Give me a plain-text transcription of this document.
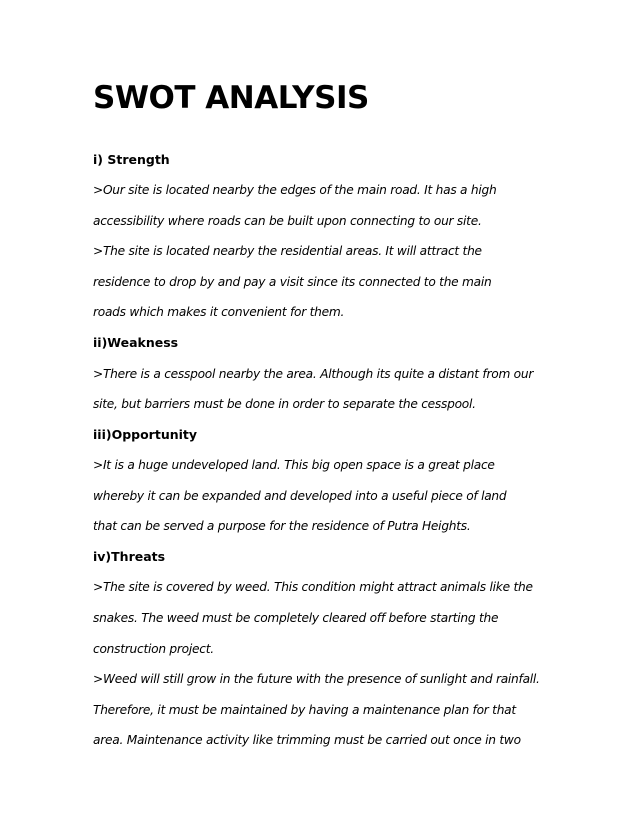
SWOT ANALYSIS
i) Strength

>Our site is located nearby the edges of the main road. It has a high

accessibility where roads can be built upon connecting to our site.

>The site is located nearby the residential areas. It will attract the

residence to drop by and pay a visit since its connected to the main

roads which makes it convenient for them.

ii)Weakness

>There is a cesspool nearby the area. Although its quite a distant from our

site, but barriers must be done in order to separate the cesspool.

iii)Opportunity

>It is a huge undeveloped land. This big open space is a great place

whereby it can be expanded and developed into a useful piece of land

that can be served a purpose for the residence of Putra Heights.

iv)Threats

>The site is covered by weed. This condition might attract animals like the

snakes. The weed must be completely cleared off before starting the

construction project.

>Weed will still grow in the future with the presence of sunlight and rainfall.

Therefore, it must be maintained by having a maintenance plan for that

area. Maintenance activity like trimming must be carried out once in two
